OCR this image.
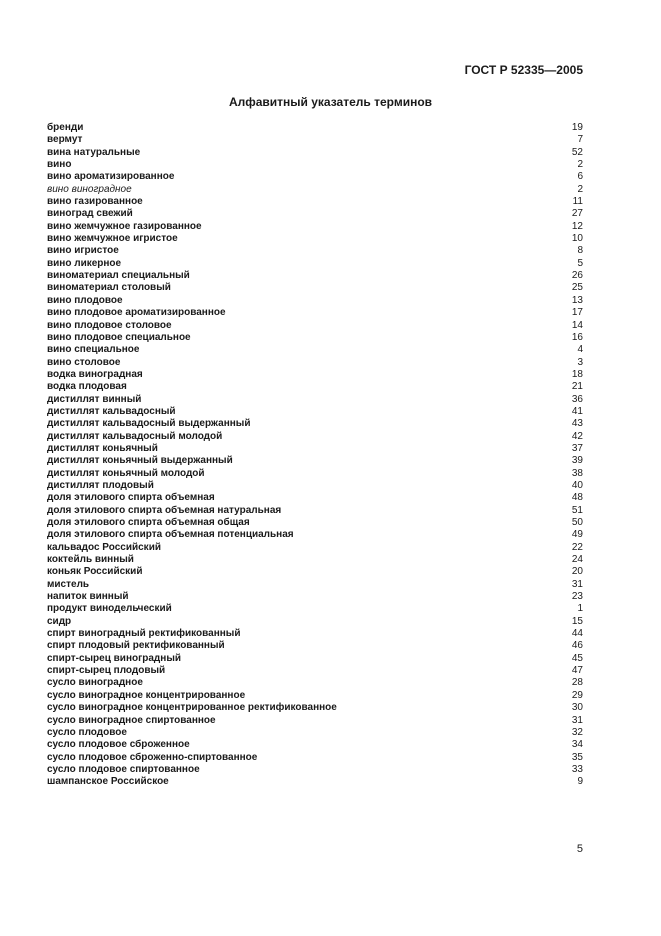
ГОСТ Р 52335—2005
Алфавитный указатель терминов
бренди	19
вермут	7
вина натуральные	52
вино	2
вино ароматизированное	6
вино виноградное	2
вино газированное	11
виноград свежий	27
вино жемчужное газированное	12
вино жемчужное игристое	10
вино игристое	8
вино ликерное	5
виноматериал специальный	26
виноматериал столовый	25
вино плодовое	13
вино плодовое ароматизированное	17
вино плодовое столовое	14
вино плодовое специальное	16
вино специальное	4
вино столовое	3
водка виноградная	18
водка плодовая	21
дистиллят винный	36
дистиллят кальвадосный	41
дистиллят кальвадосный выдержанный	43
дистиллят кальвадосный молодой	42
дистиллят коньячный	37
дистиллят коньячный выдержанный	39
дистиллят коньячный молодой	38
дистиллят плодовый	40
доля этилового спирта объемная	48
доля этилового спирта объемная натуральная	51
доля этилового спирта объемная общая	50
доля этилового спирта объемная потенциальная	49
кальвадос Российский	22
коктейль винный	24
коньяк Российский	20
мистель	31
напиток винный	23
продукт винодельческий	1
сидр	15
спирт виноградный ректификованный	44
спирт плодовый ректификованный	46
спирт-сырец виноградный	45
спирт-сырец плодовый	47
сусло виноградное	28
сусло виноградное концентрированное	29
сусло виноградное концентрированное ректификованное	30
сусло виноградное спиртованное	31
сусло плодовое	32
сусло плодовое сброженное	34
сусло плодовое сброженно-спиртованное	35
сусло плодовое спиртованное	33
шампанское Российское	9
5
